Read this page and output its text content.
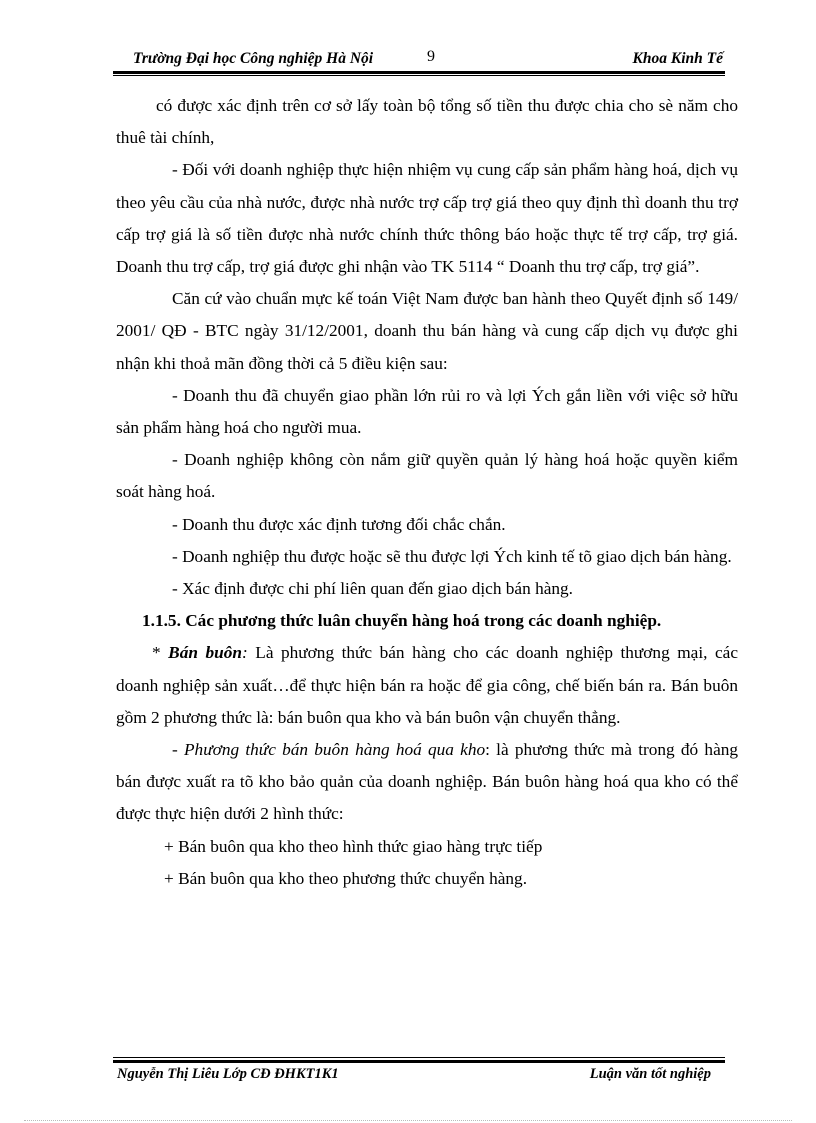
Trường Đại học Công nghiệp Hà Nội	9	Khoa Kinh Tế

có được xác định trên cơ sở lấy toàn bộ tổng số tiền thu được chia cho sè năm cho thuê tài chính,

- Đối với doanh nghiệp thực hiện nhiệm vụ cung cấp sản phẩm hàng hoá, dịch vụ theo yêu cầu của nhà nước, được nhà nước trợ cấp trợ giá theo quy định thì doanh thu trợ cấp trợ giá là số tiền được nhà nước chính thức thông báo hoặc thực tế trợ cấp, trợ giá. Doanh thu trợ cấp, trợ giá được ghi nhận vào TK 5114 “ Doanh thu trợ cấp, trợ giá”.

Căn cứ vào chuẩn mực kế toán Việt Nam được ban hành theo Quyết định số 149/ 2001/ QĐ - BTC ngày 31/12/2001, doanh thu bán hàng và cung cấp dịch vụ được ghi nhận khi thoả mãn đồng thời cả 5 điều kiện sau:

- Doanh thu đã chuyển giao phần lớn rủi ro và lợi Ých gắn liền với việc sở hữu sản phẩm hàng hoá cho người mua.

- Doanh nghiệp không còn nắm giữ quyền quản lý hàng hoá hoặc quyền kiểm soát hàng hoá.

- Doanh thu được xác định tương đối chắc chắn.

- Doanh nghiệp thu được hoặc sẽ thu được lợi Ých kinh tế tõ giao dịch bán hàng.

- Xác định được chi phí liên quan đến giao dịch bán hàng.

1.1.5. Các phương thức luân chuyển hàng hoá trong các doanh nghiệp.

* Bán buôn: Là phương thức bán hàng cho các doanh nghiệp thương mại, các doanh nghiệp sản xuất…để thực hiện bán ra hoặc để gia công, chế biến bán ra. Bán buôn gồm 2 phương thức là: bán buôn qua kho và bán buôn vận chuyển thẳng.

- Phương thức bán buôn hàng hoá qua kho: là phương thức mà trong đó hàng bán được xuất ra tõ kho bảo quản của doanh nghiệp. Bán buôn hàng hoá qua kho có thể được thực hiện dưới 2 hình thức:

+ Bán buôn qua kho theo hình thức giao hàng trực tiếp

+ Bán buôn qua kho theo phương thức chuyển hàng.

Nguyễn Thị Liêu Lớp CĐ ĐHKT1K1	Luận văn tốt nghiệp
